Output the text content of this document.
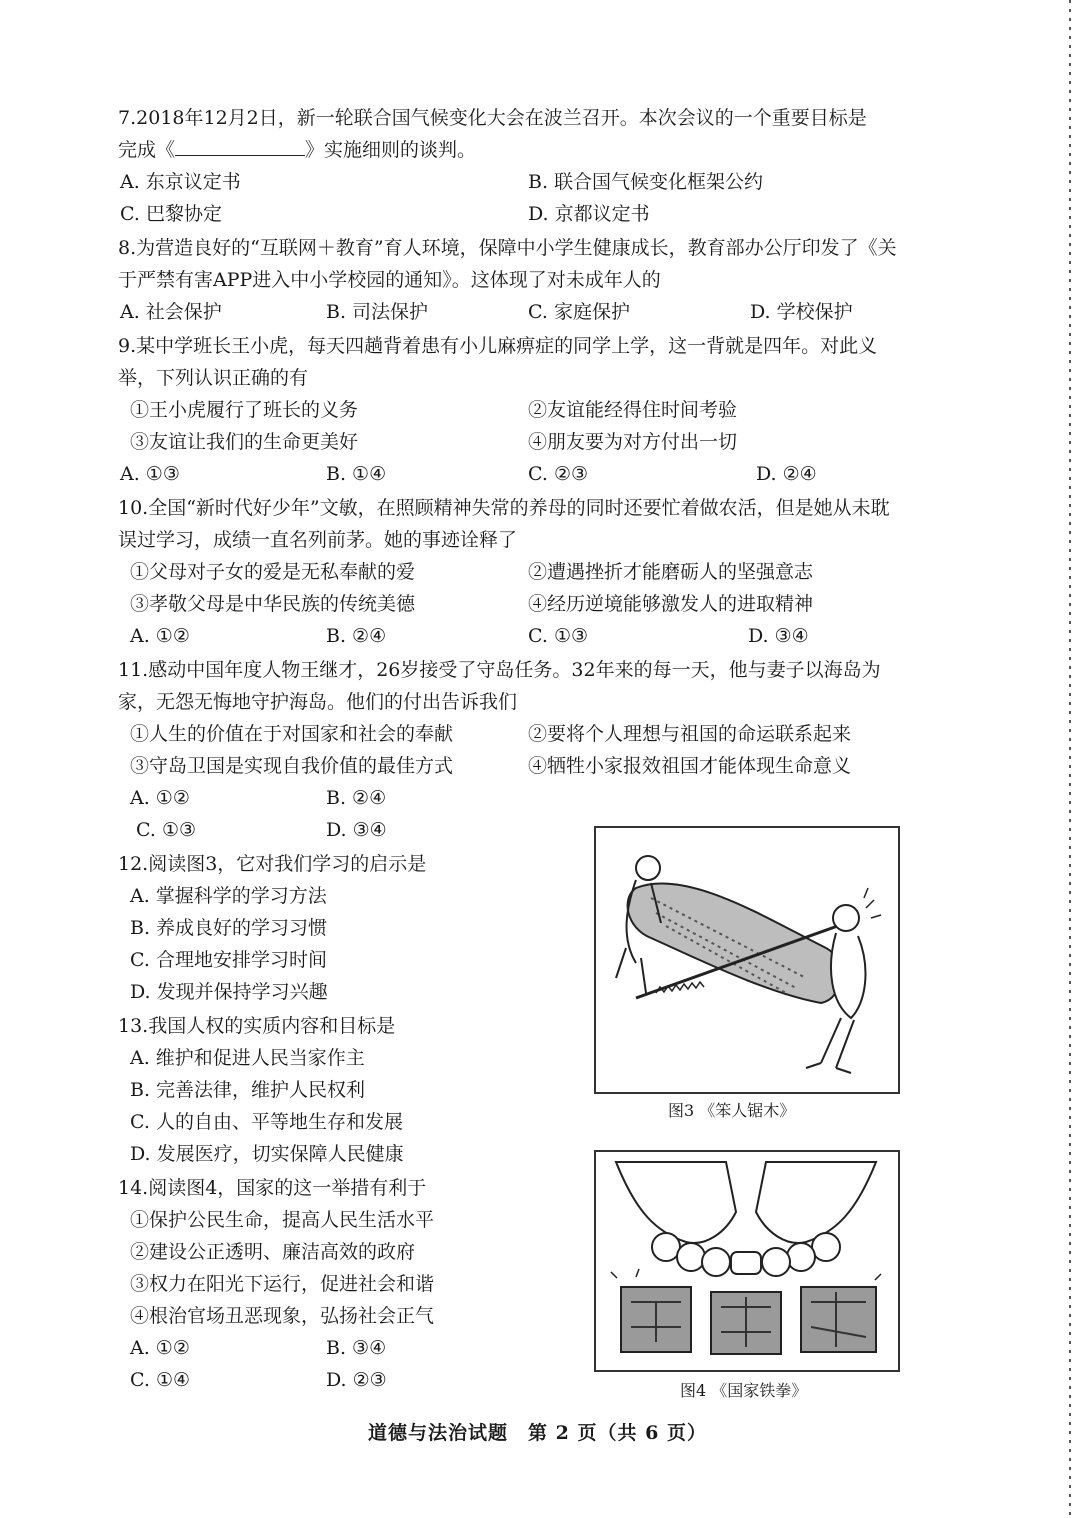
7.2018年12月2日，新一轮联合国气候变化大会在波兰召开。本次会议的一个重要目标是
完成《	》实施细则的谈判。
A. 东京议定书	B. 联合国气候变化框架公约
C. 巴黎协定	D. 京都议定书
8.为营造良好的“互联网＋教育”育人环境，保障中小学生健康成长，教育部办公厅印发了《关
于严禁有害APP进入中小学校园的通知》。这体现了对未成年人的
A. 社会保护	B. 司法保护	C. 家庭保护	D. 学校保护
9.某中学班长王小虎，每天四趟背着患有小儿麻痹症的同学上学，这一背就是四年。对此义
举，下列认识正确的有
①王小虎履行了班长的义务	②友谊能经得住时间考验
③友谊让我们的生命更美好	④朋友要为对方付出一切
A. ①③	B. ①④	C. ②③	D. ②④
10.全国“新时代好少年”文敏，在照顾精神失常的养母的同时还要忙着做农活，但是她从未耽
误过学习，成绩一直名列前茅。她的事迹诠释了
①父母对子女的爱是无私奉献的爱	②遭遇挫折才能磨砺人的坚强意志
③孝敬父母是中华民族的传统美德	④经历逆境能够激发人的进取精神
A. ①②	B. ②④	C. ①③	D. ③④
11.感动中国年度人物王继才，26岁接受了守岛任务。32年来的每一天，他与妻子以海岛为
家，无怨无悔地守护海岛。他们的付出告诉我们
①人生的价值在于对国家和社会的奉献	②要将个人理想与祖国的命运联系起来
③守岛卫国是实现自我价值的最佳方式	④牺牲小家报效祖国才能体现生命意义
A. ①②	B. ②④
C. ①③	D. ③④
12.阅读图3，它对我们学习的启示是
A. 掌握科学的学习方法
B. 养成良好的学习习惯
C. 合理地安排学习时间
D. 发现并保持学习兴趣
13.我国人权的实质内容和目标是
A. 维护和促进人民当家作主
B. 完善法律，维护人民权利
C. 人的自由、平等地生存和发展
D. 发展医疗，切实保障人民健康
14.阅读图4，国家的这一举措有利于
①保护公民生命，提高人民生活水平
②建设公正透明、廉洁高效的政府
③权力在阳光下运行，促进社会和谐
④根治官场丑恶现象，弘扬社会正气
A. ①②	B. ③④
C. ①④	D. ②③
图3 《笨人锯木》
图4 《国家铁拳》
道德与法治试题　第 2 页（共 6 页）
